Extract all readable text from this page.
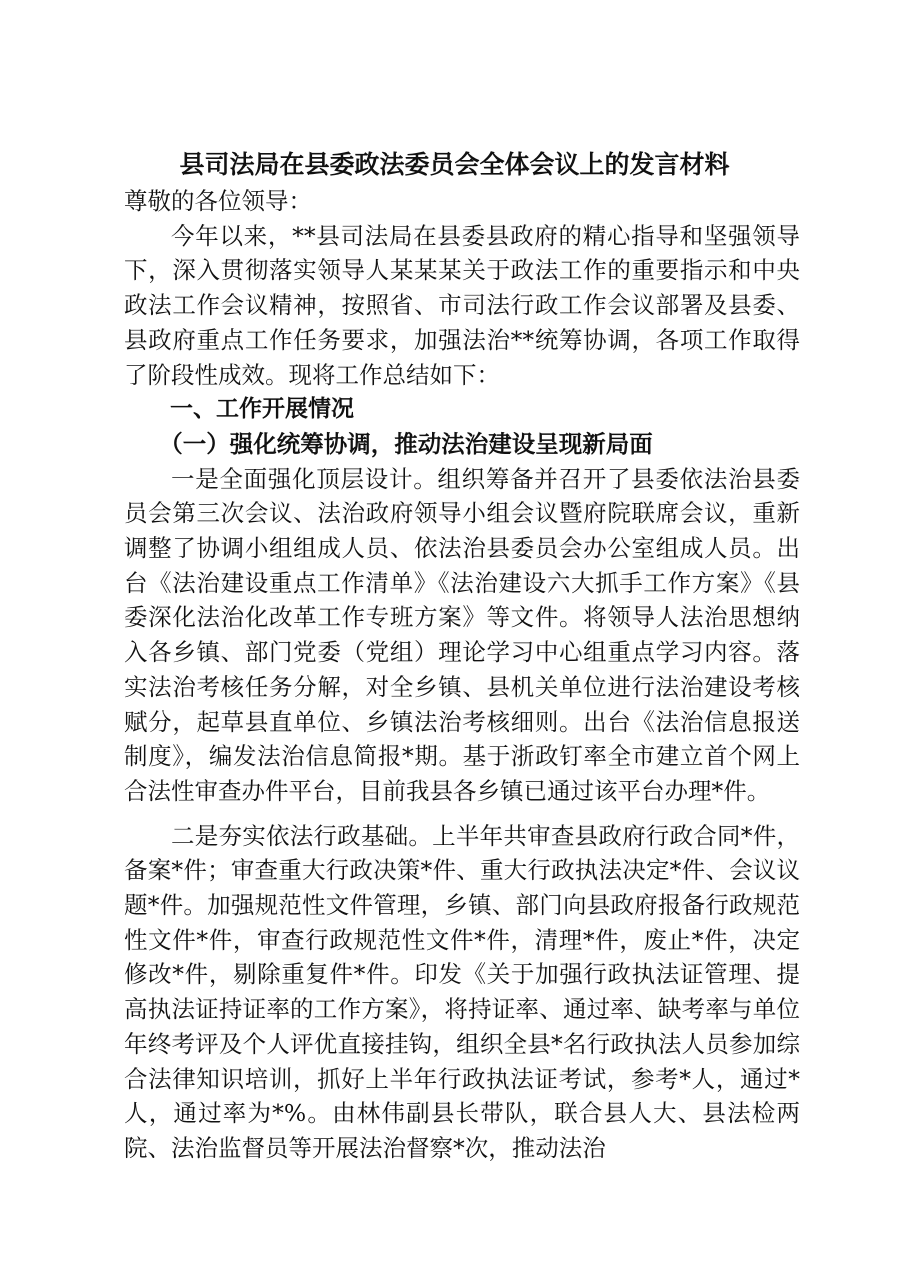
县司法局在县委政法委员会全体会议上的发言材料

尊敬的各位领导：

今年以来，**县司法局在县委县政府的精心指导和坚强领导下，深入贯彻落实领导人某某某关于政法工作的重要指示和中央政法工作会议精神，按照省、市司法行政工作会议部署及县委、县政府重点工作任务要求，加强法治**统筹协调，各项工作取得了阶段性成效。现将工作总结如下：

一、工作开展情况

（一）强化统筹协调，推动法治建设呈现新局面

一是全面强化顶层设计。组织筹备并召开了县委依法治县委员会第三次会议、法治政府领导小组会议暨府院联席会议，重新调整了协调小组组成人员、依法治县委员会办公室组成人员。出台《法治建设重点工作清单》《法治建设六大抓手工作方案》《县委深化法治化改革工作专班方案》等文件。将领导人法治思想纳入各乡镇、部门党委（党组）理论学习中心组重点学习内容。落实法治考核任务分解，对全乡镇、县机关单位进行法治建设考核赋分，起草县直单位、乡镇法治考核细则。出台《法治信息报送制度》，编发法治信息简报*期。基于浙政钉率全市建立首个网上合法性审查办件平台，目前我县各乡镇已通过该平台办理*件。

二是夯实依法行政基础。上半年共审查县政府行政合同*件，备案*件；审查重大行政决策*件、重大行政执法决定*件、会议议题*件。加强规范性文件管理，乡镇、部门向县政府报备行政规范性文件*件，审查行政规范性文件*件，清理*件，废止*件，决定修改*件，剔除重复件*件。印发《关于加强行政执法证管理、提高执法证持证率的工作方案》，将持证率、通过率、缺考率与单位年终考评及个人评优直接挂钩，组织全县*名行政执法人员参加综合法律知识培训，抓好上半年行政执法证考试，参考*人，通过*人，通过率为*%。由林伟副县长带队，联合县人大、县法检两院、法治监督员等开展法治督察*次，推动法治
